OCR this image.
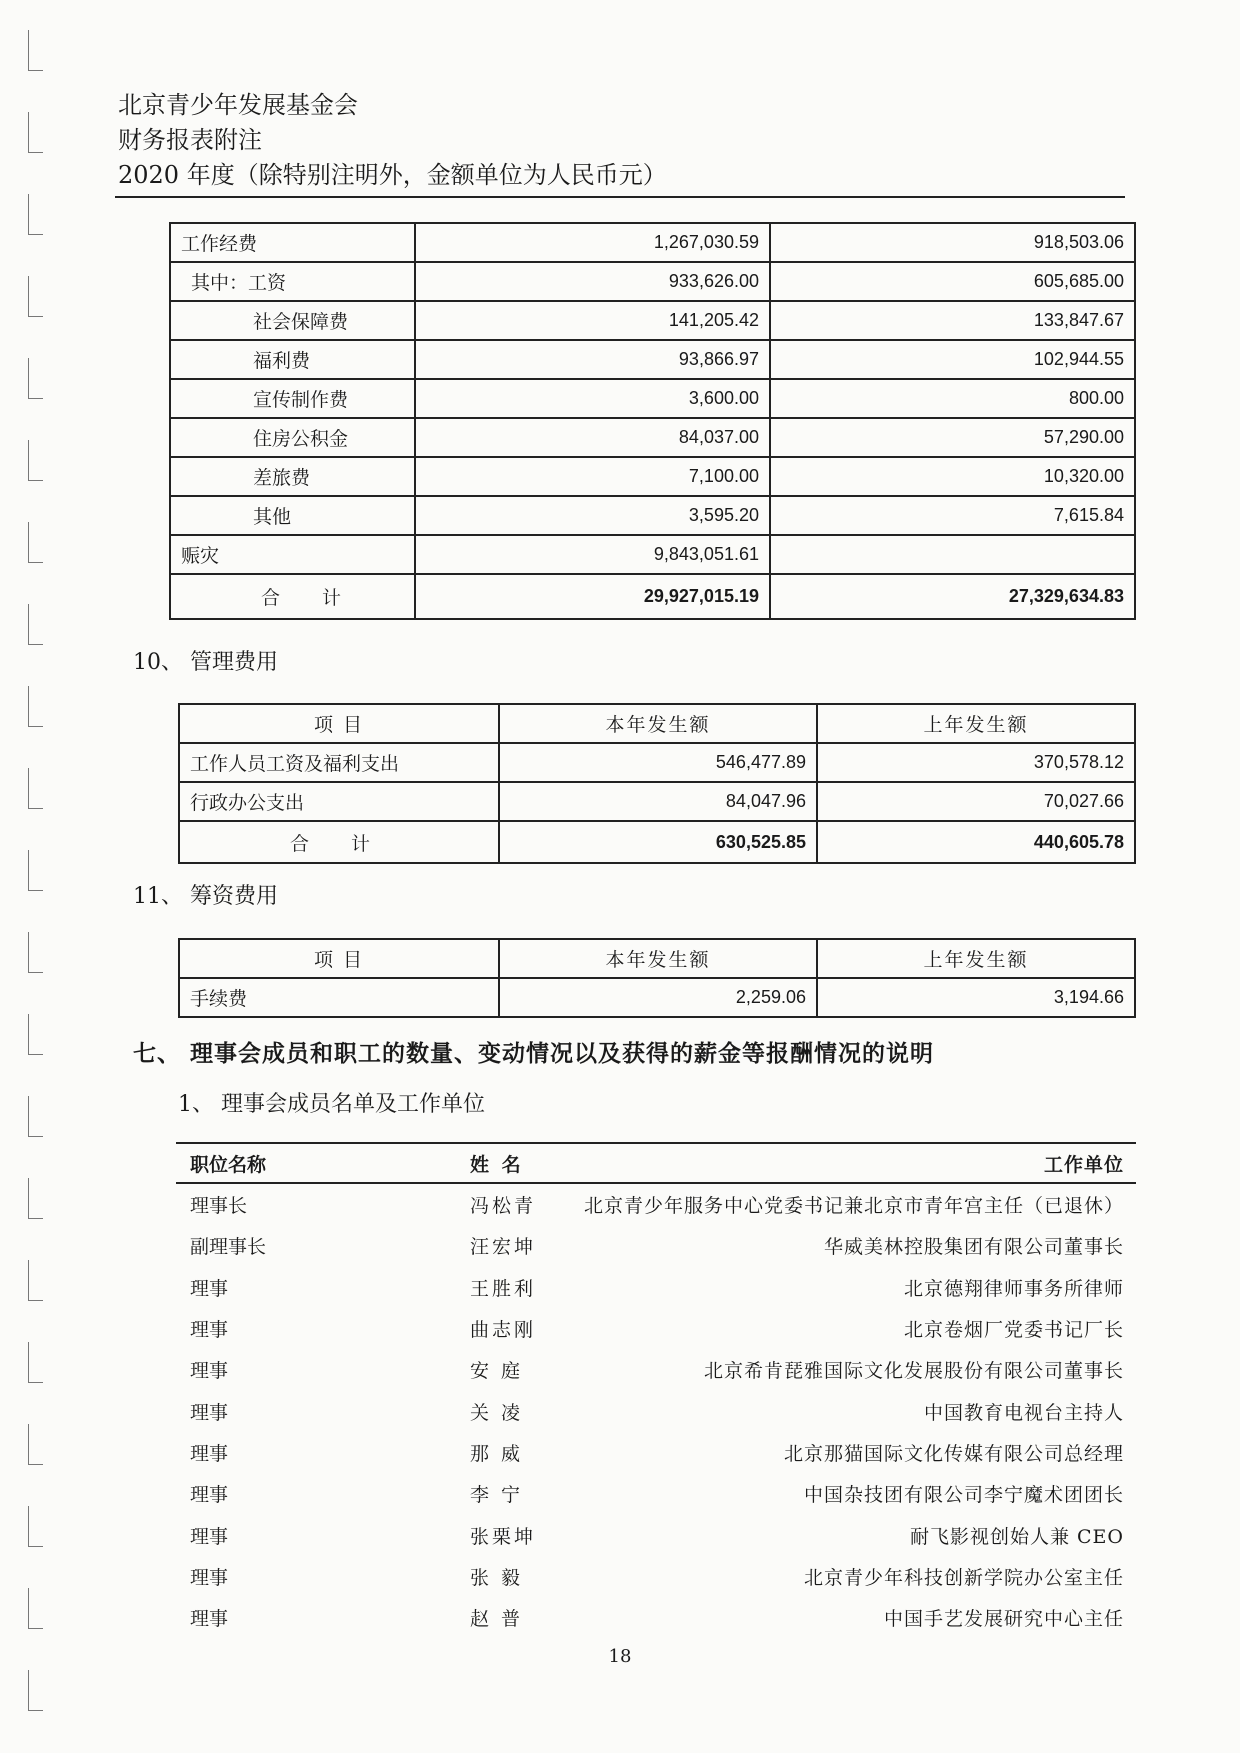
北京青少年发展基金会
财务报表附注
2020 年度（除特别注明外，金额单位为人民币元）
工作经费	1,267,030.59	918,503.06
其中：工资	933,626.00	605,685.00
社会保障费	141,205.42	133,847.67
福利费	93,866.97	102,944.55
宣传制作费	3,600.00	800.00
住房公积金	84,037.00	57,290.00
差旅费	7,100.00	10,320.00
其他	3,595.20	7,615.84
赈灾	9,843,051.61	
合 计	29,927,015.19	27,329,634.83
10、 管理费用
项 目	本年发生额	上年发生额
工作人员工资及福利支出	546,477.89	370,578.12
行政办公支出	84,047.96	70,027.66
合 计	630,525.85	440,605.78
11、 筹资费用
项 目	本年发生额	上年发生额
手续费	2,259.06	3,194.66
七、 理事会成员和职工的数量、变动情况以及获得的薪金等报酬情况的说明
1、 理事会成员名单及工作单位
职位名称	姓 名	工作单位
理事长	冯松青	北京青少年服务中心党委书记兼北京市青年宫主任（已退休）
副理事长	汪宏坤	华威美林控股集团有限公司董事长
理事	王胜利	北京德翔律师事务所律师
理事	曲志刚	北京卷烟厂党委书记厂长
理事	安 庭	北京希肯琵雅国际文化发展股份有限公司董事长
理事	关 凌	中国教育电视台主持人
理事	那 威	北京那猫国际文化传媒有限公司总经理
理事	李 宁	中国杂技团有限公司李宁魔术团团长
理事	张栗坤	耐飞影视创始人兼 CEO
理事	张 毅	北京青少年科技创新学院办公室主任
理事	赵 普	中国手艺发展研究中心主任
18
